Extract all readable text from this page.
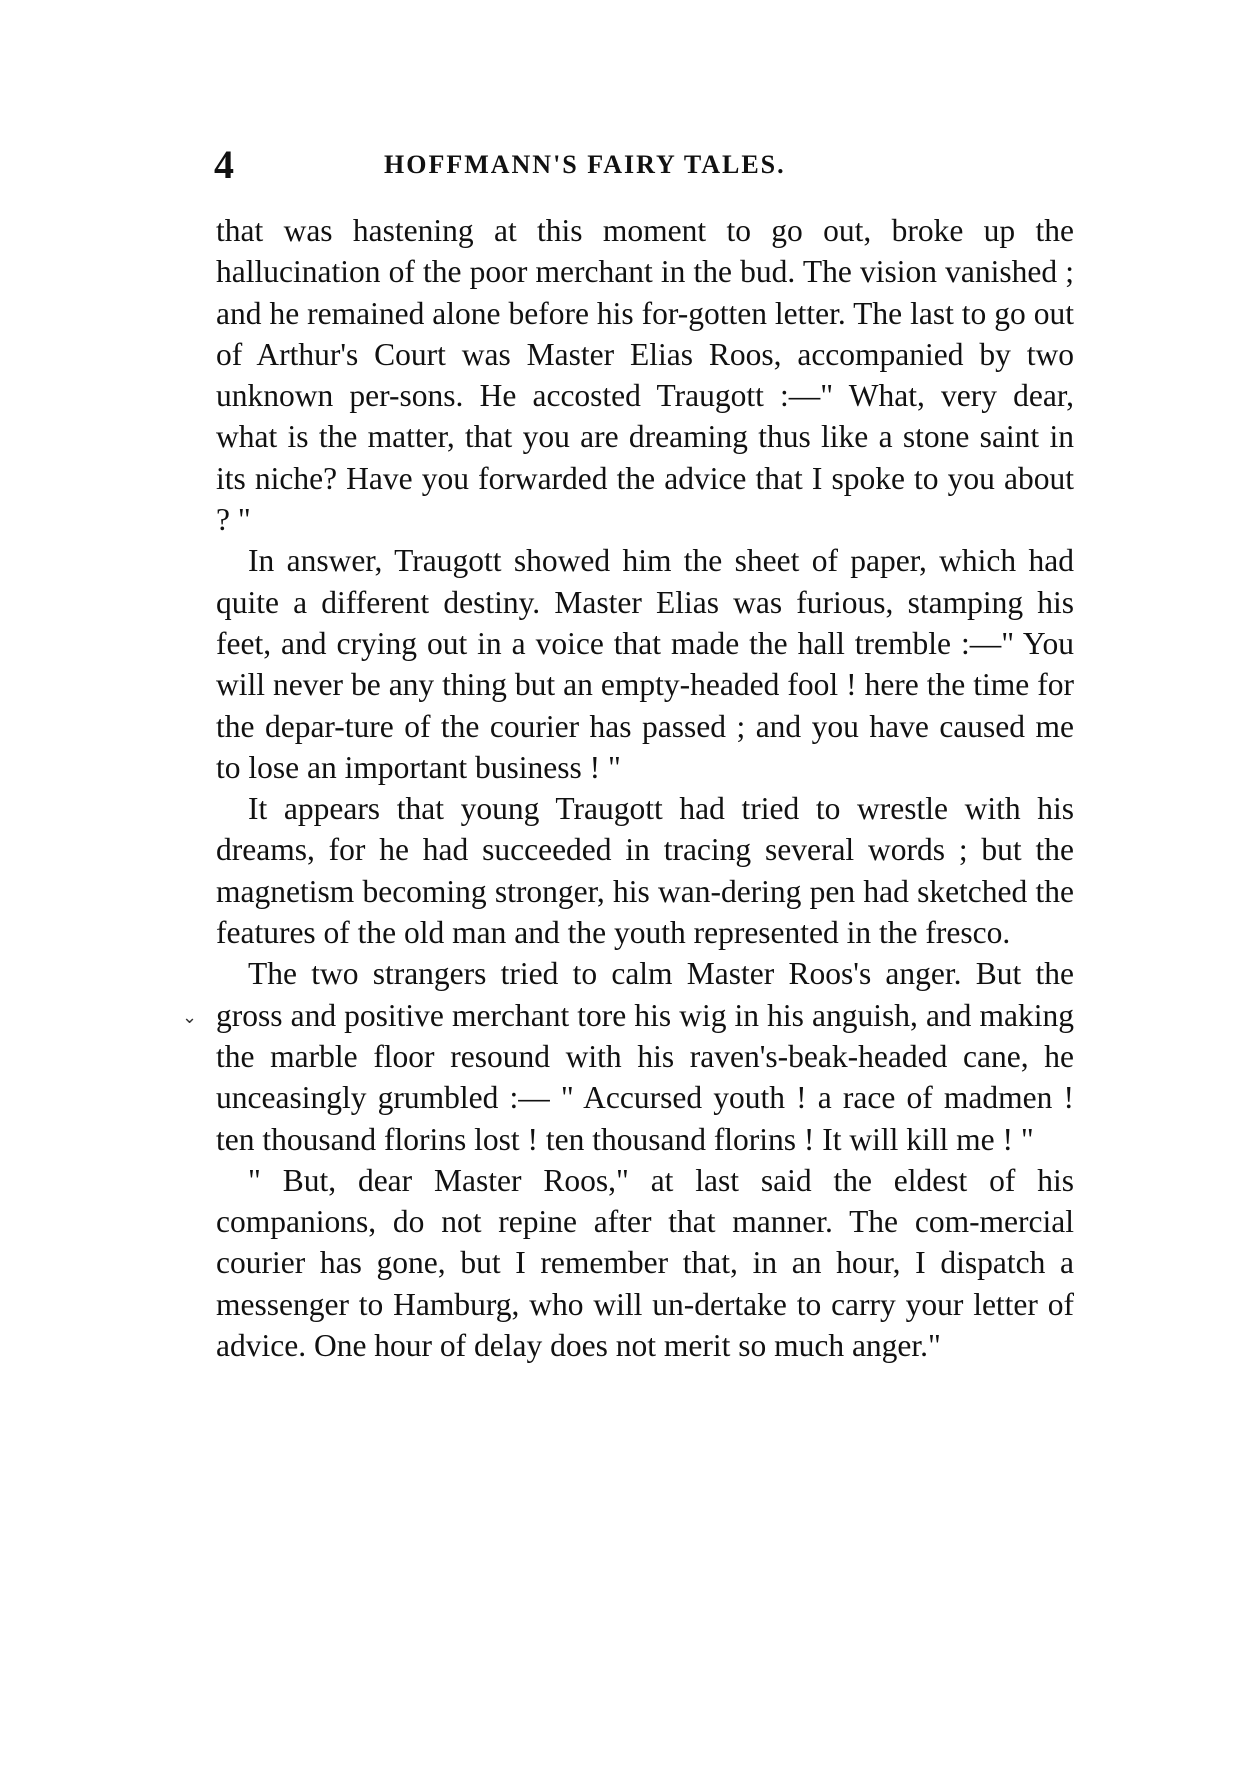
4	HOFFMANN'S FAIRY TALES.
⌄

that was hastening at this moment to go out, broke up the hallucination of the poor merchant in the bud. The vision vanished ; and he remained alone before his for-gotten letter. The last to go out of Arthur's Court was Master Elias Roos, accompanied by two unknown per-sons. He accosted Traugott :—" What, very dear, what is the matter, that you are dreaming thus like a stone saint in its niche? Have you forwarded the advice that I spoke to you about ? "

In answer, Traugott showed him the sheet of paper, which had quite a different destiny. Master Elias was furious, stamping his feet, and crying out in a voice that made the hall tremble :—" You will never be any thing but an empty-headed fool ! here the time for the depar-ture of the courier has passed ; and you have caused me to lose an important business ! "

It appears that young Traugott had tried to wrestle with his dreams, for he had succeeded in tracing several words ; but the magnetism becoming stronger, his wan-dering pen had sketched the features of the old man and the youth represented in the fresco.

The two strangers tried to calm Master Roos's anger. But the gross and positive merchant tore his wig in his anguish, and making the marble floor resound with his raven's-beak-headed cane, he unceasingly grumbled :— " Accursed youth ! a race of madmen ! ten thousand florins lost ! ten thousand florins ! It will kill me ! "

" But, dear Master Roos," at last said the eldest of his companions, do not repine after that manner. The com-mercial courier has gone, but I remember that, in an hour, I dispatch a messenger to Hamburg, who will un-dertake to carry your letter of advice. One hour of delay does not merit so much anger."
